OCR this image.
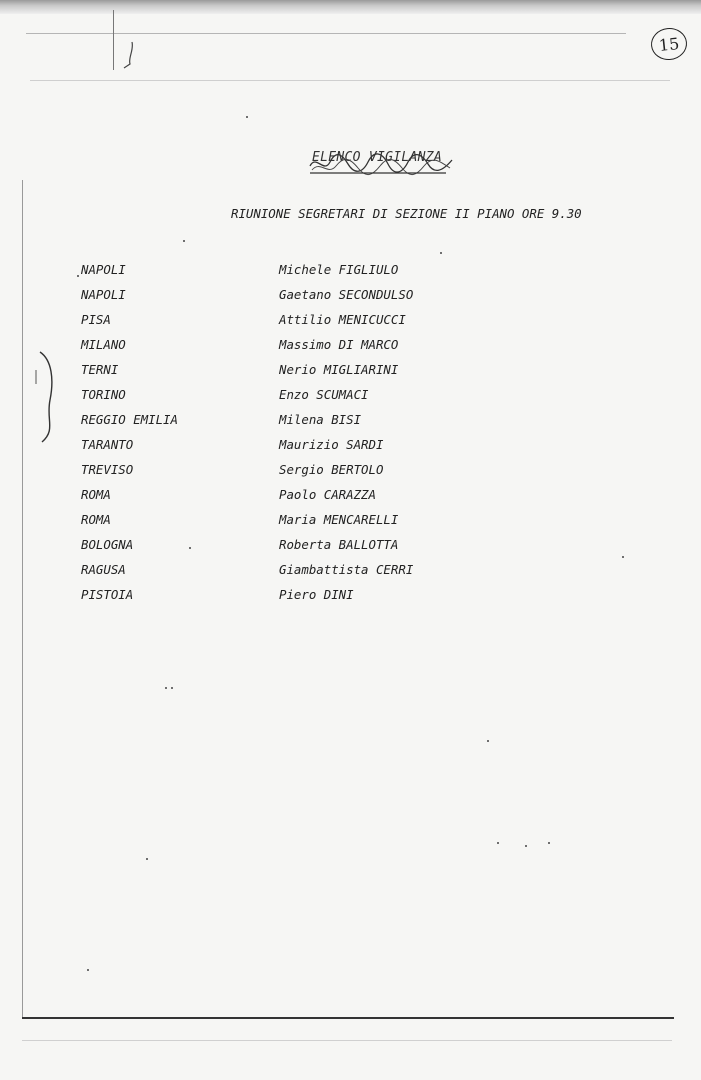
15
ELENCO VIGILANZA
RIUNIONE SEGRETARI DI SEZIONE II PIANO ORE 9.30
NAPOLI	Michele FIGLIULO
NAPOLI	Gaetano SECONDULSO
PISA	Attilio MENICUCCI
MILANO	Massimo DI MARCO
TERNI	Nerio MIGLIARINI
TORINO	Enzo SCUMACI
REGGIO EMILIA	Milena BISI
TARANTO	Maurizio SARDI
TREVISO	Sergio BERTOLO
ROMA	Paolo CARAZZA
ROMA	Maria MENCARELLI
BOLOGNA	Roberta BALLOTTA
RAGUSA	Giambattista CERRI
PISTOIA	Piero DINI
